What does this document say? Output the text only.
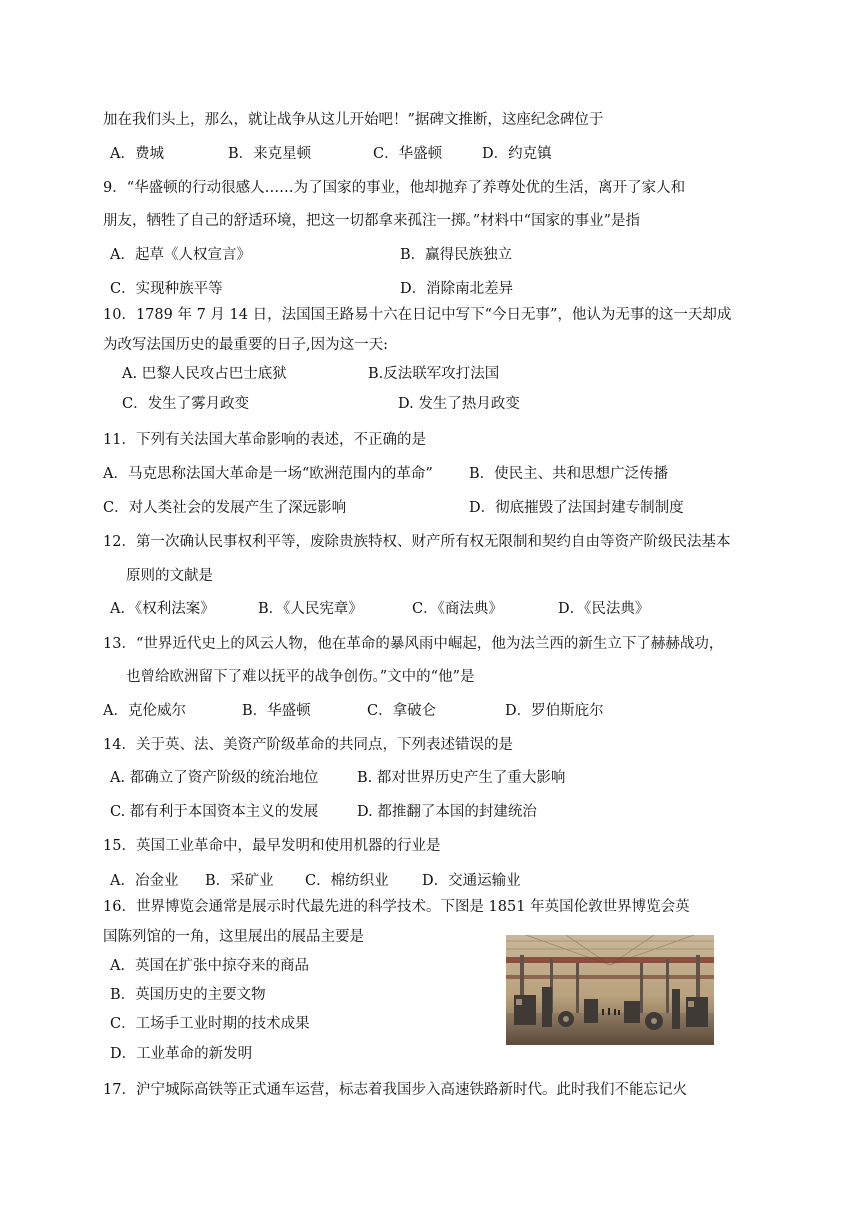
加在我们头上，那么，就让战争从这儿开始吧！”据碑文推断，这座纪念碑位于
A．费城	B．来克星顿	C．华盛顿	D．约克镇
9．“华盛顿的行动很感人……为了国家的事业，他却抛弃了养尊处优的生活，离开了家人和
朋友，牺牲了自己的舒适环境，把这一切都拿来孤注一掷。”材料中“国家的事业”是指
A．起草《人权宣言》	B．赢得民族独立
C．实现种族平等	D．消除南北差异
10．1789 年 7 月 14 日，法国国王路易十六在日记中写下“今日无事”，他认为无事的这一天却成
为改写法国历史的最重要的日子,因为这一天:
A. 巴黎人民攻占巴士底狱	B.反法联军攻打法国
C．发生了雾月政变	D. 发生了热月政变
11．下列有关法国大革命影响的表述，不正确的是
A．马克思称法国大革命是一场“欧洲范围内的革命” B．使民主、共和思想广泛传播
C．对人类社会的发展产生了深远影响	D．彻底摧毁了法国封建专制制度
12．第一次确认民事权利平等，废除贵族特权、财产所有权无限制和契约自由等资产阶级民法基本
原则的文献是
A．《权利法案》	B．《人民宪章》	C．《商法典》	D．《民法典》
13．“世界近代史上的风云人物，他在革命的暴风雨中崛起，他为法兰西的新生立下了赫赫战功，
也曾给欧洲留下了难以抚平的战争创伤。”文中的“他”是
A．克伦威尔	B．华盛顿	C．拿破仑	D．罗伯斯庇尔
14．关于英、法、美资产阶级革命的共同点，下列表述错误的是
A. 都确立了资产阶级的统治地位	B. 都对世界历史产生了重大影响
C. 都有利于本国资本主义的发展	D. 都推翻了本国的封建统治
15．英国工业革命中，最早发明和使用机器的行业是
A．冶金业 B．采矿业 C．棉纺织业 D．交通运输业
16．世界博览会通常是展示时代最先进的科学技术。下图是 1851 年英国伦敦世界博览会英
国陈列馆的一角，这里展出的展品主要是
A．英国在扩张中掠夺来的商品
B．英国历史的主要文物
C．工场手工业时期的技术成果
D．工业革命的新发明
17．沪宁城际高铁等正式通车运营，标志着我国步入高速铁路新时代。此时我们不能忘记火
